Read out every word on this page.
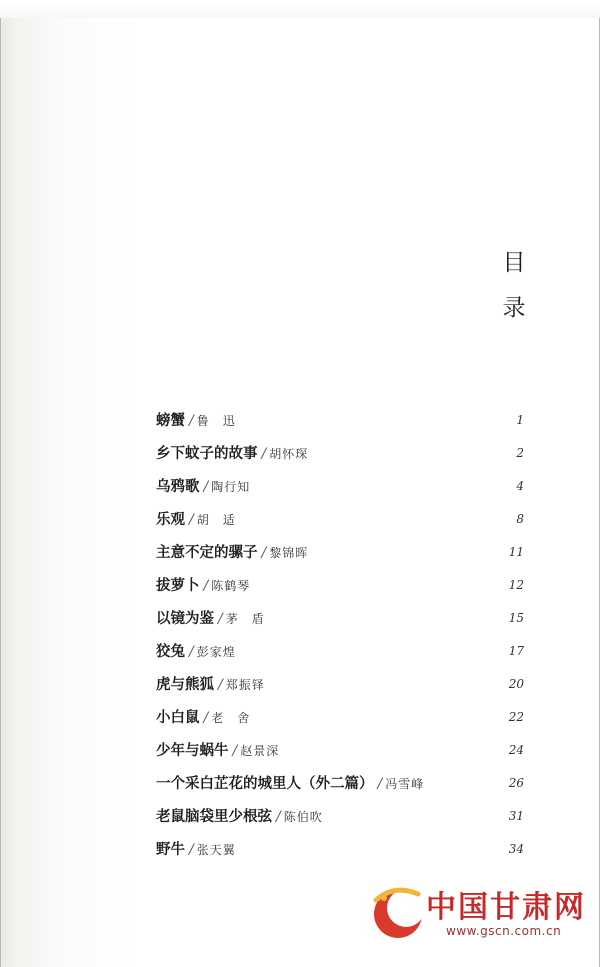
目
录
螃蟹 / 鲁　迅	1
乡下蚊子的故事 / 胡怀琛	2
乌鸦歌 / 陶行知	4
乐观 / 胡　适	8
主意不定的骡子 / 黎锦晖	11
拔萝卜 / 陈鹤琴	12
以镜为鉴 / 茅　盾	15
狡兔 / 彭家煌	17
虎与熊狐 / 郑振铎	20
小白鼠 / 老　舍	22
少年与蜗牛 / 赵景深	24
一个采白芷花的城里人（外二篇） / 冯雪峰	26
老鼠脑袋里少根弦 / 陈伯吹	31
野牛 / 张天翼	34
中国甘肃网
www.gscn.com.cn
